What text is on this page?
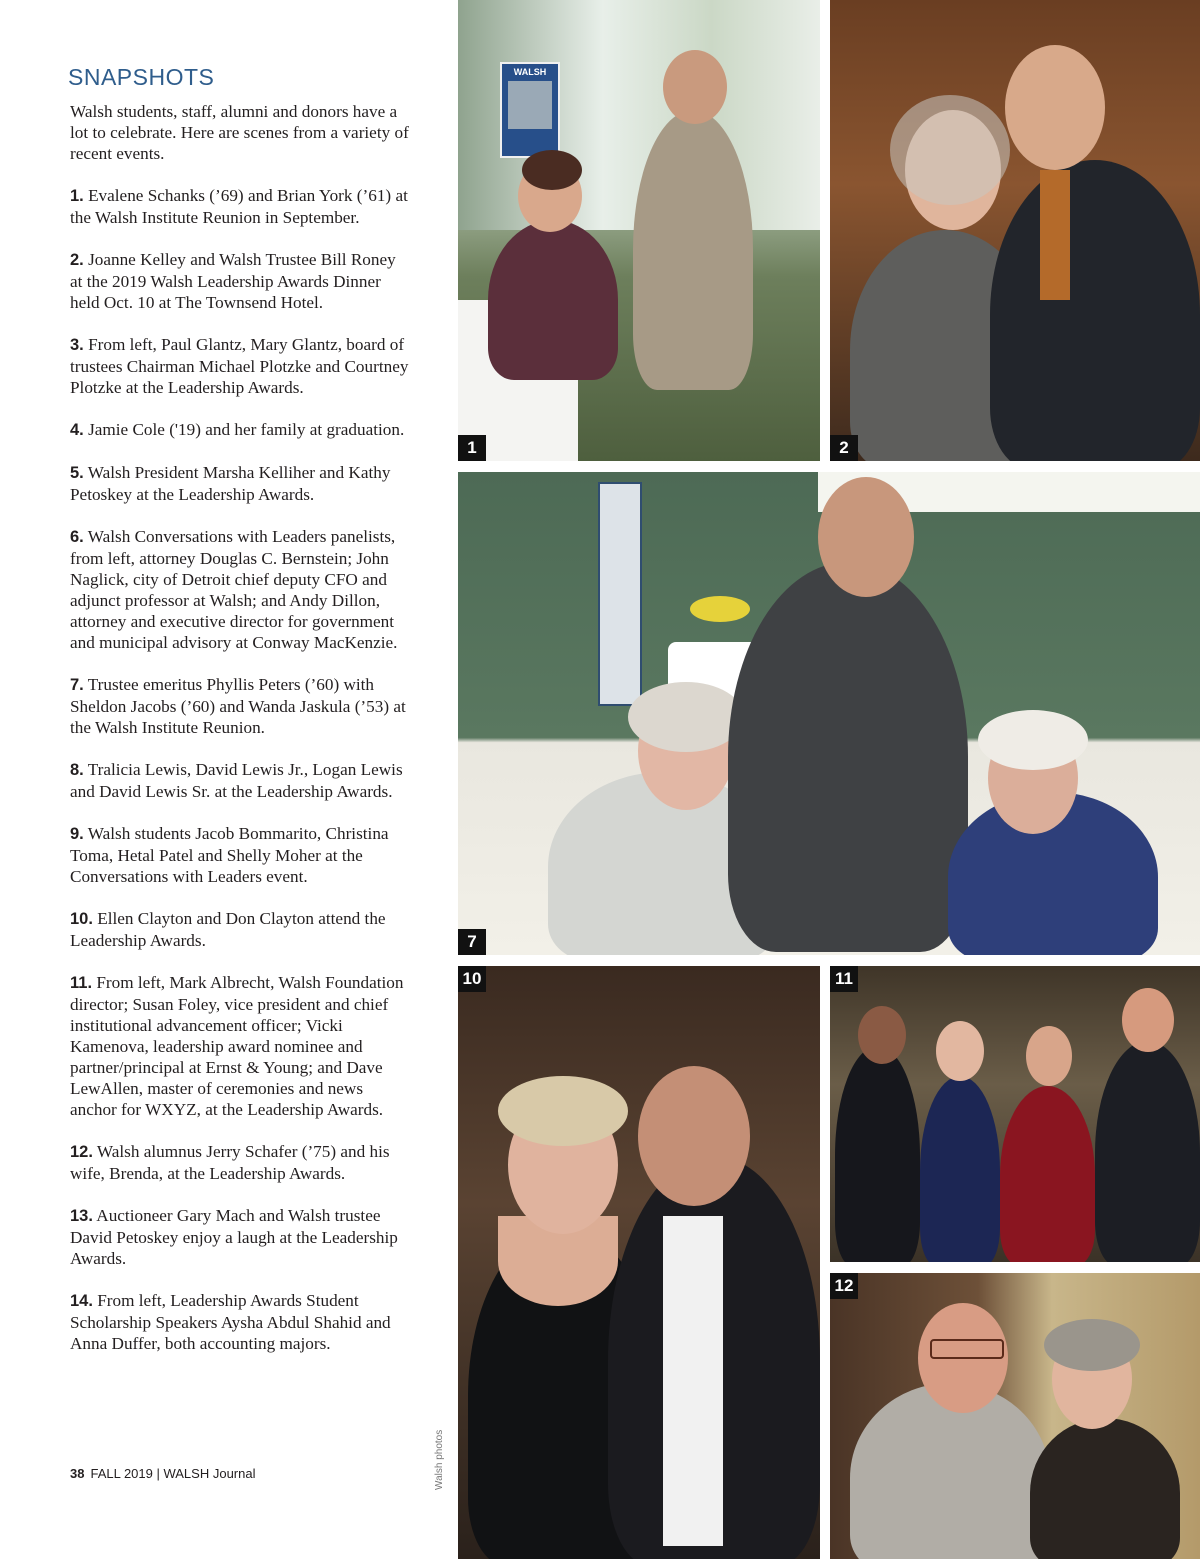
SNAPSHOTS

Walsh students, staff, alumni and donors have a lot to celebrate. Here are scenes from a variety of recent events.

1. Evalene Schanks (’69) and Brian York (’61) at the Walsh Institute Reunion in September.

2. Joanne Kelley and Walsh Trustee Bill Roney at the 2019 Walsh Leadership Awards Dinner held Oct. 10 at The Townsend Hotel.

3. From left, Paul Glantz, Mary Glantz, board of trustees Chairman Michael Plotzke and Courtney Plotzke at the Leadership Awards.

4. Jamie Cole ('19) and her family at graduation.

5. Walsh President Marsha Kelliher and Kathy Petoskey at the Leadership Awards.

6. Walsh Conversations with Leaders panelists, from left, attorney Douglas C. Bernstein; John Naglick, city of Detroit chief deputy CFO and adjunct professor at Walsh; and Andy Dillon, attorney and executive director for government and municipal advisory at Conway MacKenzie.

7. Trustee emeritus Phyllis Peters (’60) with Sheldon Jacobs (’60) and Wanda Jaskula (’53) at the Walsh Institute Reunion.

8. Tralicia Lewis, David Lewis Jr., Logan Lewis and David Lewis Sr. at the Leadership Awards.

9. Walsh students Jacob Bommarito, Christina Toma, Hetal Patel and Shelly Moher at the Conversations with Leaders event.

10. Ellen Clayton and Don Clayton attend the Leadership Awards.

11. From left, Mark Albrecht, Walsh Foundation director; Susan Foley, vice president and chief institutional advancement officer; Vicki Kamenova, leadership award nominee and partner/principal at Ernst & Young; and Dave LewAllen, master of ceremonies and news anchor for WXYZ, at the Leadership Awards.

12. Walsh alumnus Jerry Schafer (’75) and his wife, Brenda, at the Leadership Awards.

13. Auctioneer Gary Mach and Walsh trustee David Petoskey enjoy a laugh at the Leadership Awards.

14. From left, Leadership Awards Student Scholarship Speakers Aysha Abdul Shahid and Anna Duffer, both accounting majors.

38 FALL 2019 | WALSH Journal	Walsh photos
WALSH
1	2
7
10	11
12
